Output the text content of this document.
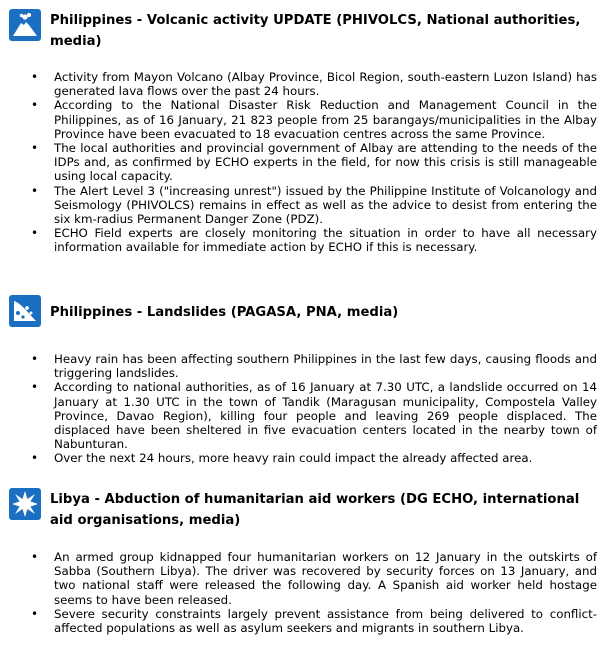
Philippines - Volcanic activity UPDATE (PHIVOLCS, National authorities, media)
• Activity from Mayon Volcano (Albay Province, Bicol Region, south-eastern Luzon Island) has generated lava flows over the past 24 hours.
• According to the National Disaster Risk Reduction and Management Council in the Philippines, as of 16 January, 21 823 people from 25 barangays/municipalities in the Albay Province have been evacuated to 18 evacuation centres across the same Province.
• The local authorities and provincial government of Albay are attending to the needs of the IDPs and, as confirmed by ECHO experts in the field, for now this crisis is still manageable using local capacity.
• The Alert Level 3 ("increasing unrest") issued by the Philippine Institute of Volcanology and Seismology (PHIVOLCS) remains in effect as well as the advice to desist from entering the six km-radius Permanent Danger Zone (PDZ).
• ECHO Field experts are closely monitoring the situation in order to have all necessary information available for immediate action by ECHO if this is necessary.
Philippines - Landslides (PAGASA, PNA, media)
• Heavy rain has been affecting southern Philippines in the last few days, causing floods and triggering landslides.
• According to national authorities, as of 16 January at 7.30 UTC, a landslide occurred on 14 January at 1.30 UTC in the town of Tandik (Maragusan municipality, Compostela Valley Province, Davao Region), killing four people and leaving 269 people displaced. The displaced have been sheltered in five evacuation centers located in the nearby town of Nabunturan.
• Over the next 24 hours, more heavy rain could impact the already affected area.
Libya - Abduction of humanitarian aid workers (DG ECHO, international aid organisations, media)
• An armed group kidnapped four humanitarian workers on 12 January in the outskirts of Sabba (Southern Libya). The driver was recovered by security forces on 13 January, and two national staff were released the following day. A Spanish aid worker held hostage seems to have been released.
• Severe security constraints largely prevent assistance from being delivered to conflict-affected populations as well as asylum seekers and migrants in southern Libya.
